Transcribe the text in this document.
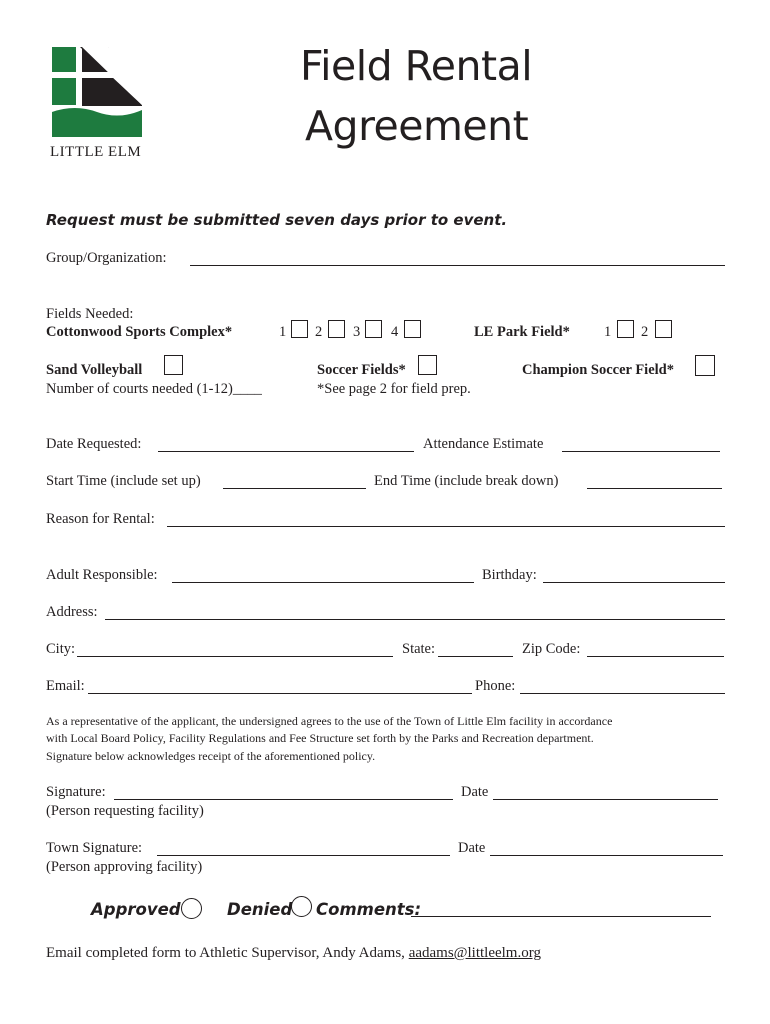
LITTLE ELM
Field Rental
Agreement
Request must be submitted seven days prior to event.
Group/Organization:
Fields Needed:
Cottonwood Sports Complex*	1 2 3 4	LE Park Field* 1 2
Sand Volleyball
Number of courts needed (1-12)____
Soccer Fields*
*See page 2 for field prep.
Champion Soccer Field*
Date Requested:	Attendance Estimate
Start Time (include set up)	End Time (include break down)
Reason for Rental:
Adult Responsible:	Birthday:
Address:
City:	State:	Zip Code:
Email:	Phone:
As a representative of the applicant, the undersigned agrees to the use of the Town of Little Elm facility in accordance
with Local Board Policy, Facility Regulations and Fee Structure set forth by the Parks and Recreation department.
Signature below acknowledges receipt of the aforementioned policy.
Signature:	Date
(Person requesting facility)
Town Signature:	Date
(Person approving facility)
Approved	Denied Comments:
Email completed form to Athletic Supervisor, Andy Adams, aadams@littleelm.org
